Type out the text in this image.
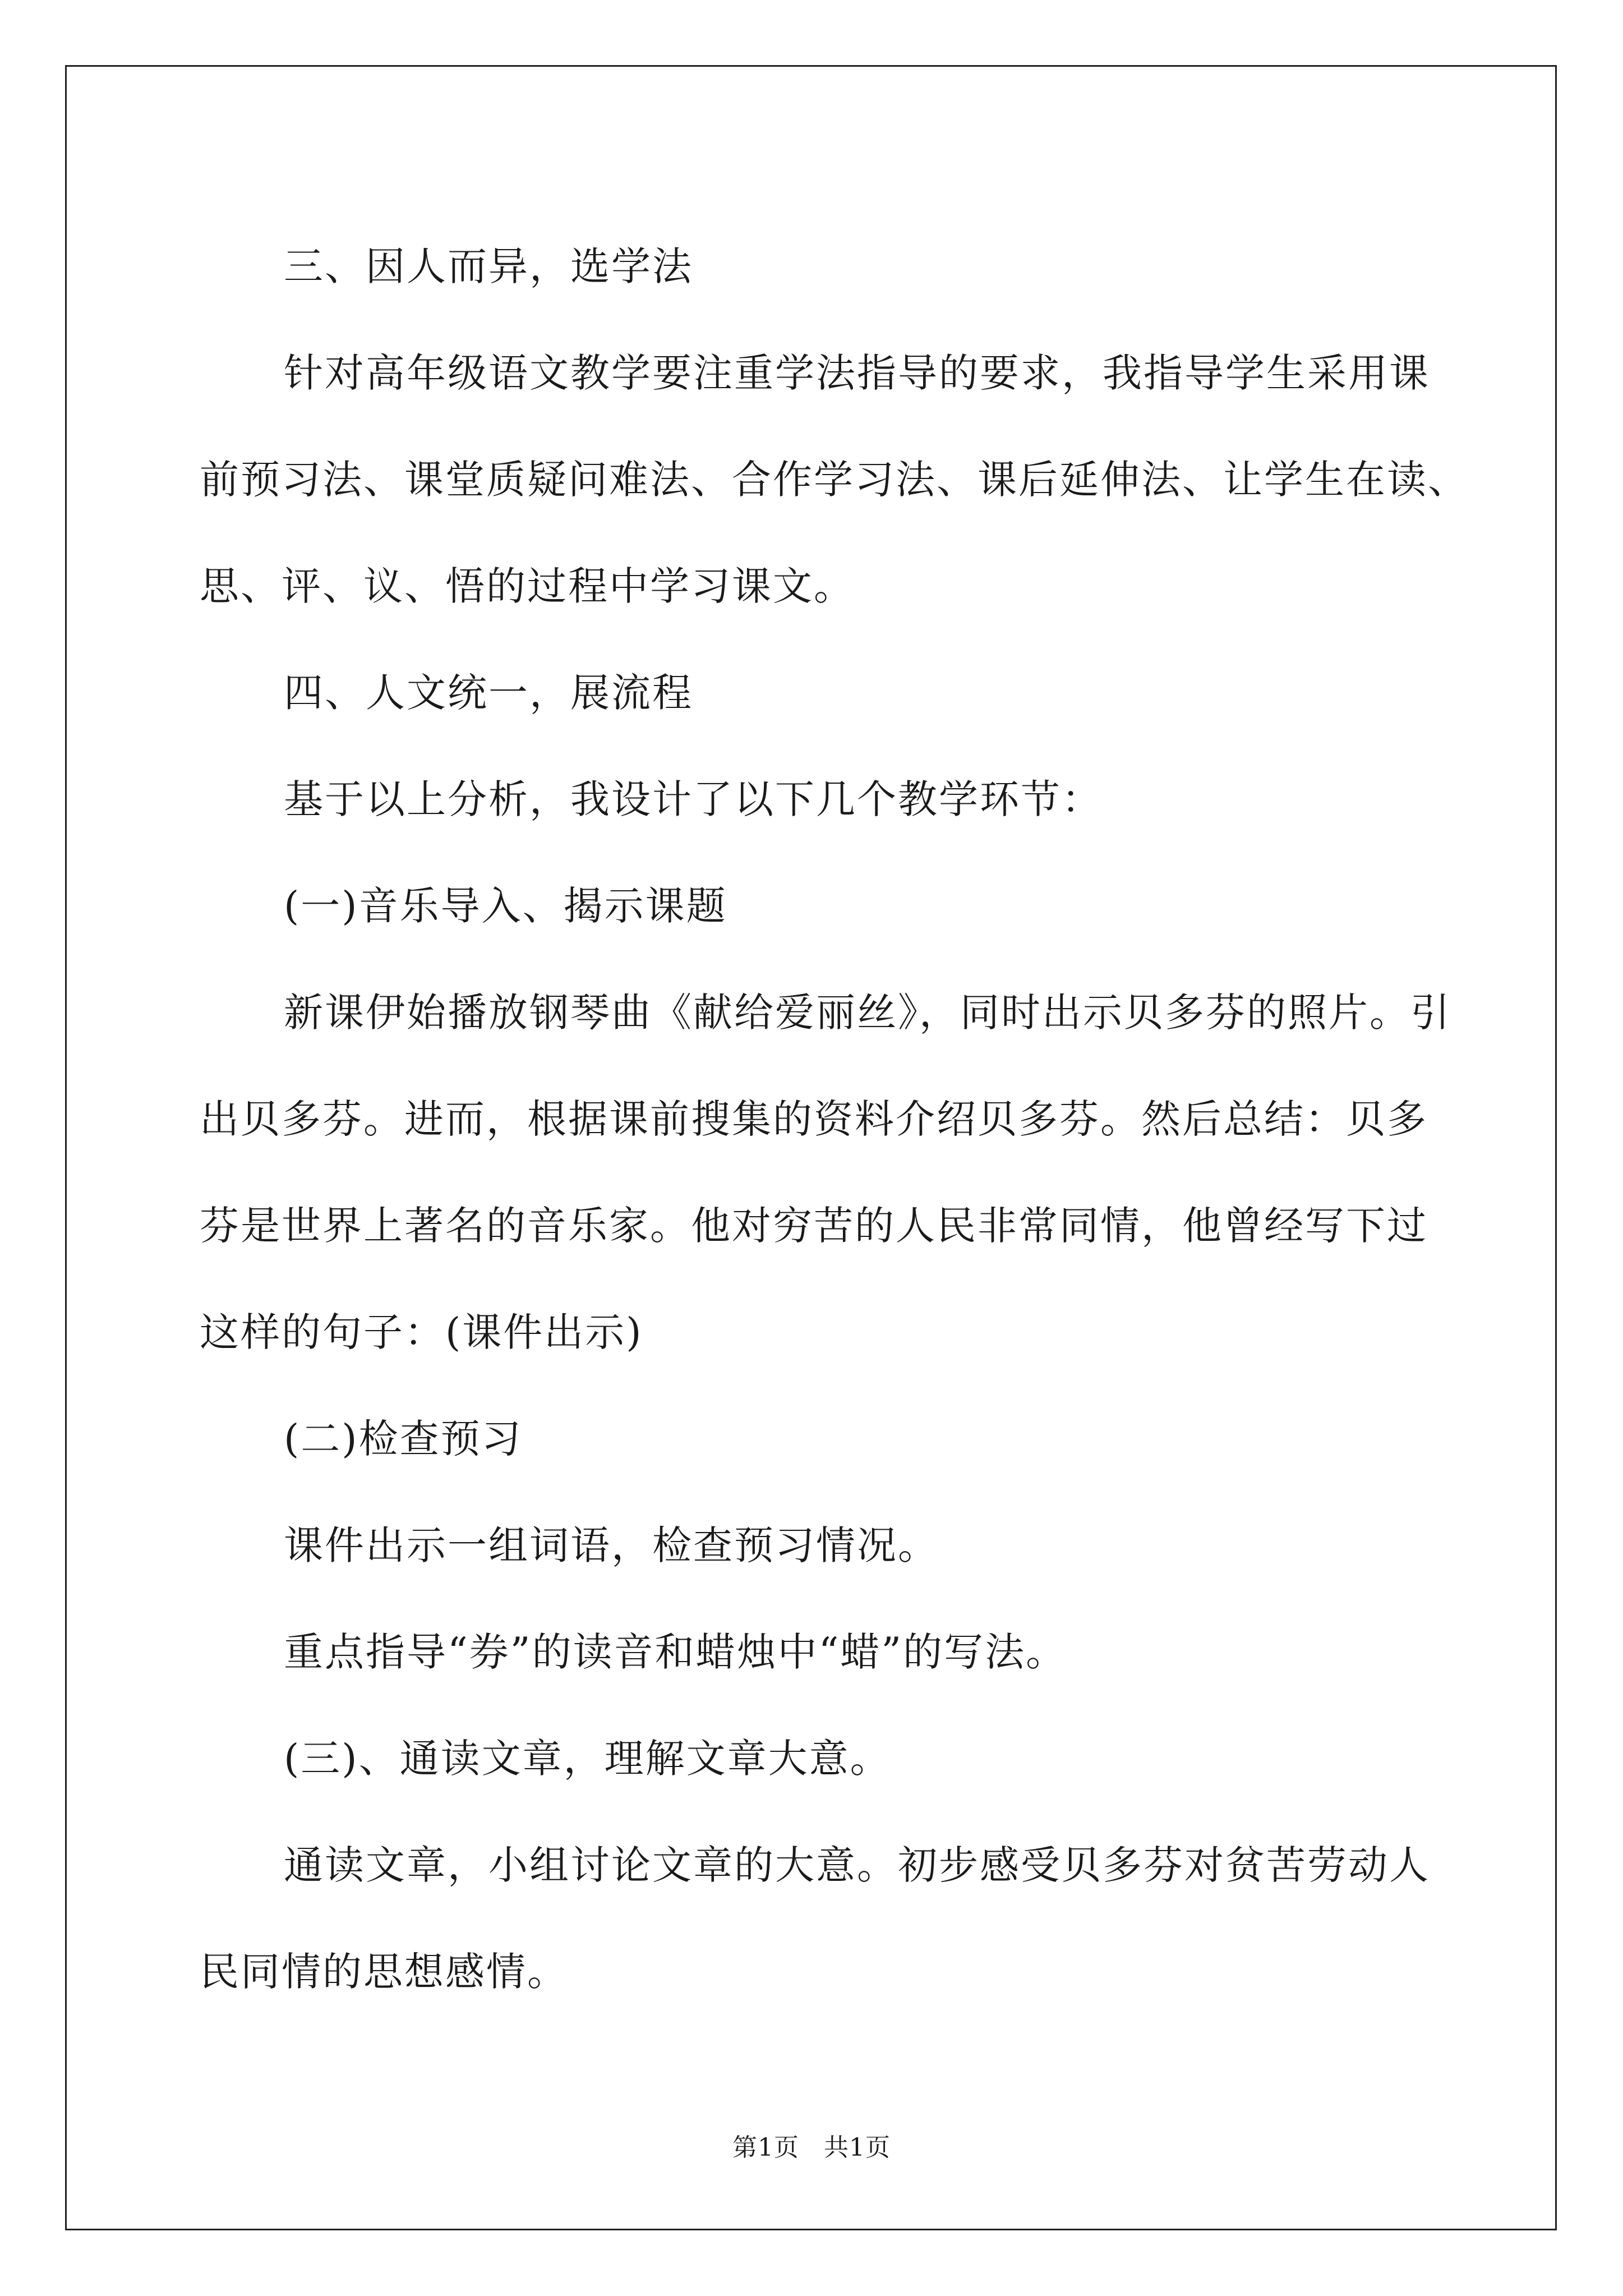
三、因人而异，选学法

针对高年级语文教学要注重学法指导的要求，我指导学生采用课

前预习法、课堂质疑问难法、合作学习法、课后延伸法、让学生在读、

思、评、议、悟的过程中学习课文。

四、人文统一，展流程

基于以上分析，我设计了以下几个教学环节：

(一)音乐导入、揭示课题

新课伊始播放钢琴曲《献给爱丽丝》，同时出示贝多芬的照片。引

出贝多芬。进而，根据课前搜集的资料介绍贝多芬。然后总结：贝多

芬是世界上著名的音乐家。他对穷苦的人民非常同情，他曾经写下过

这样的句子：(课件出示)

(二)检查预习

课件出示一组词语，检查预习情况。

重点指导“券”的读音和蜡烛中“蜡”的写法。

(三)、通读文章，理解文章大意。

通读文章，小组讨论文章的大意。初步感受贝多芬对贫苦劳动人

民同情的思想感情。

第1页 共1页
